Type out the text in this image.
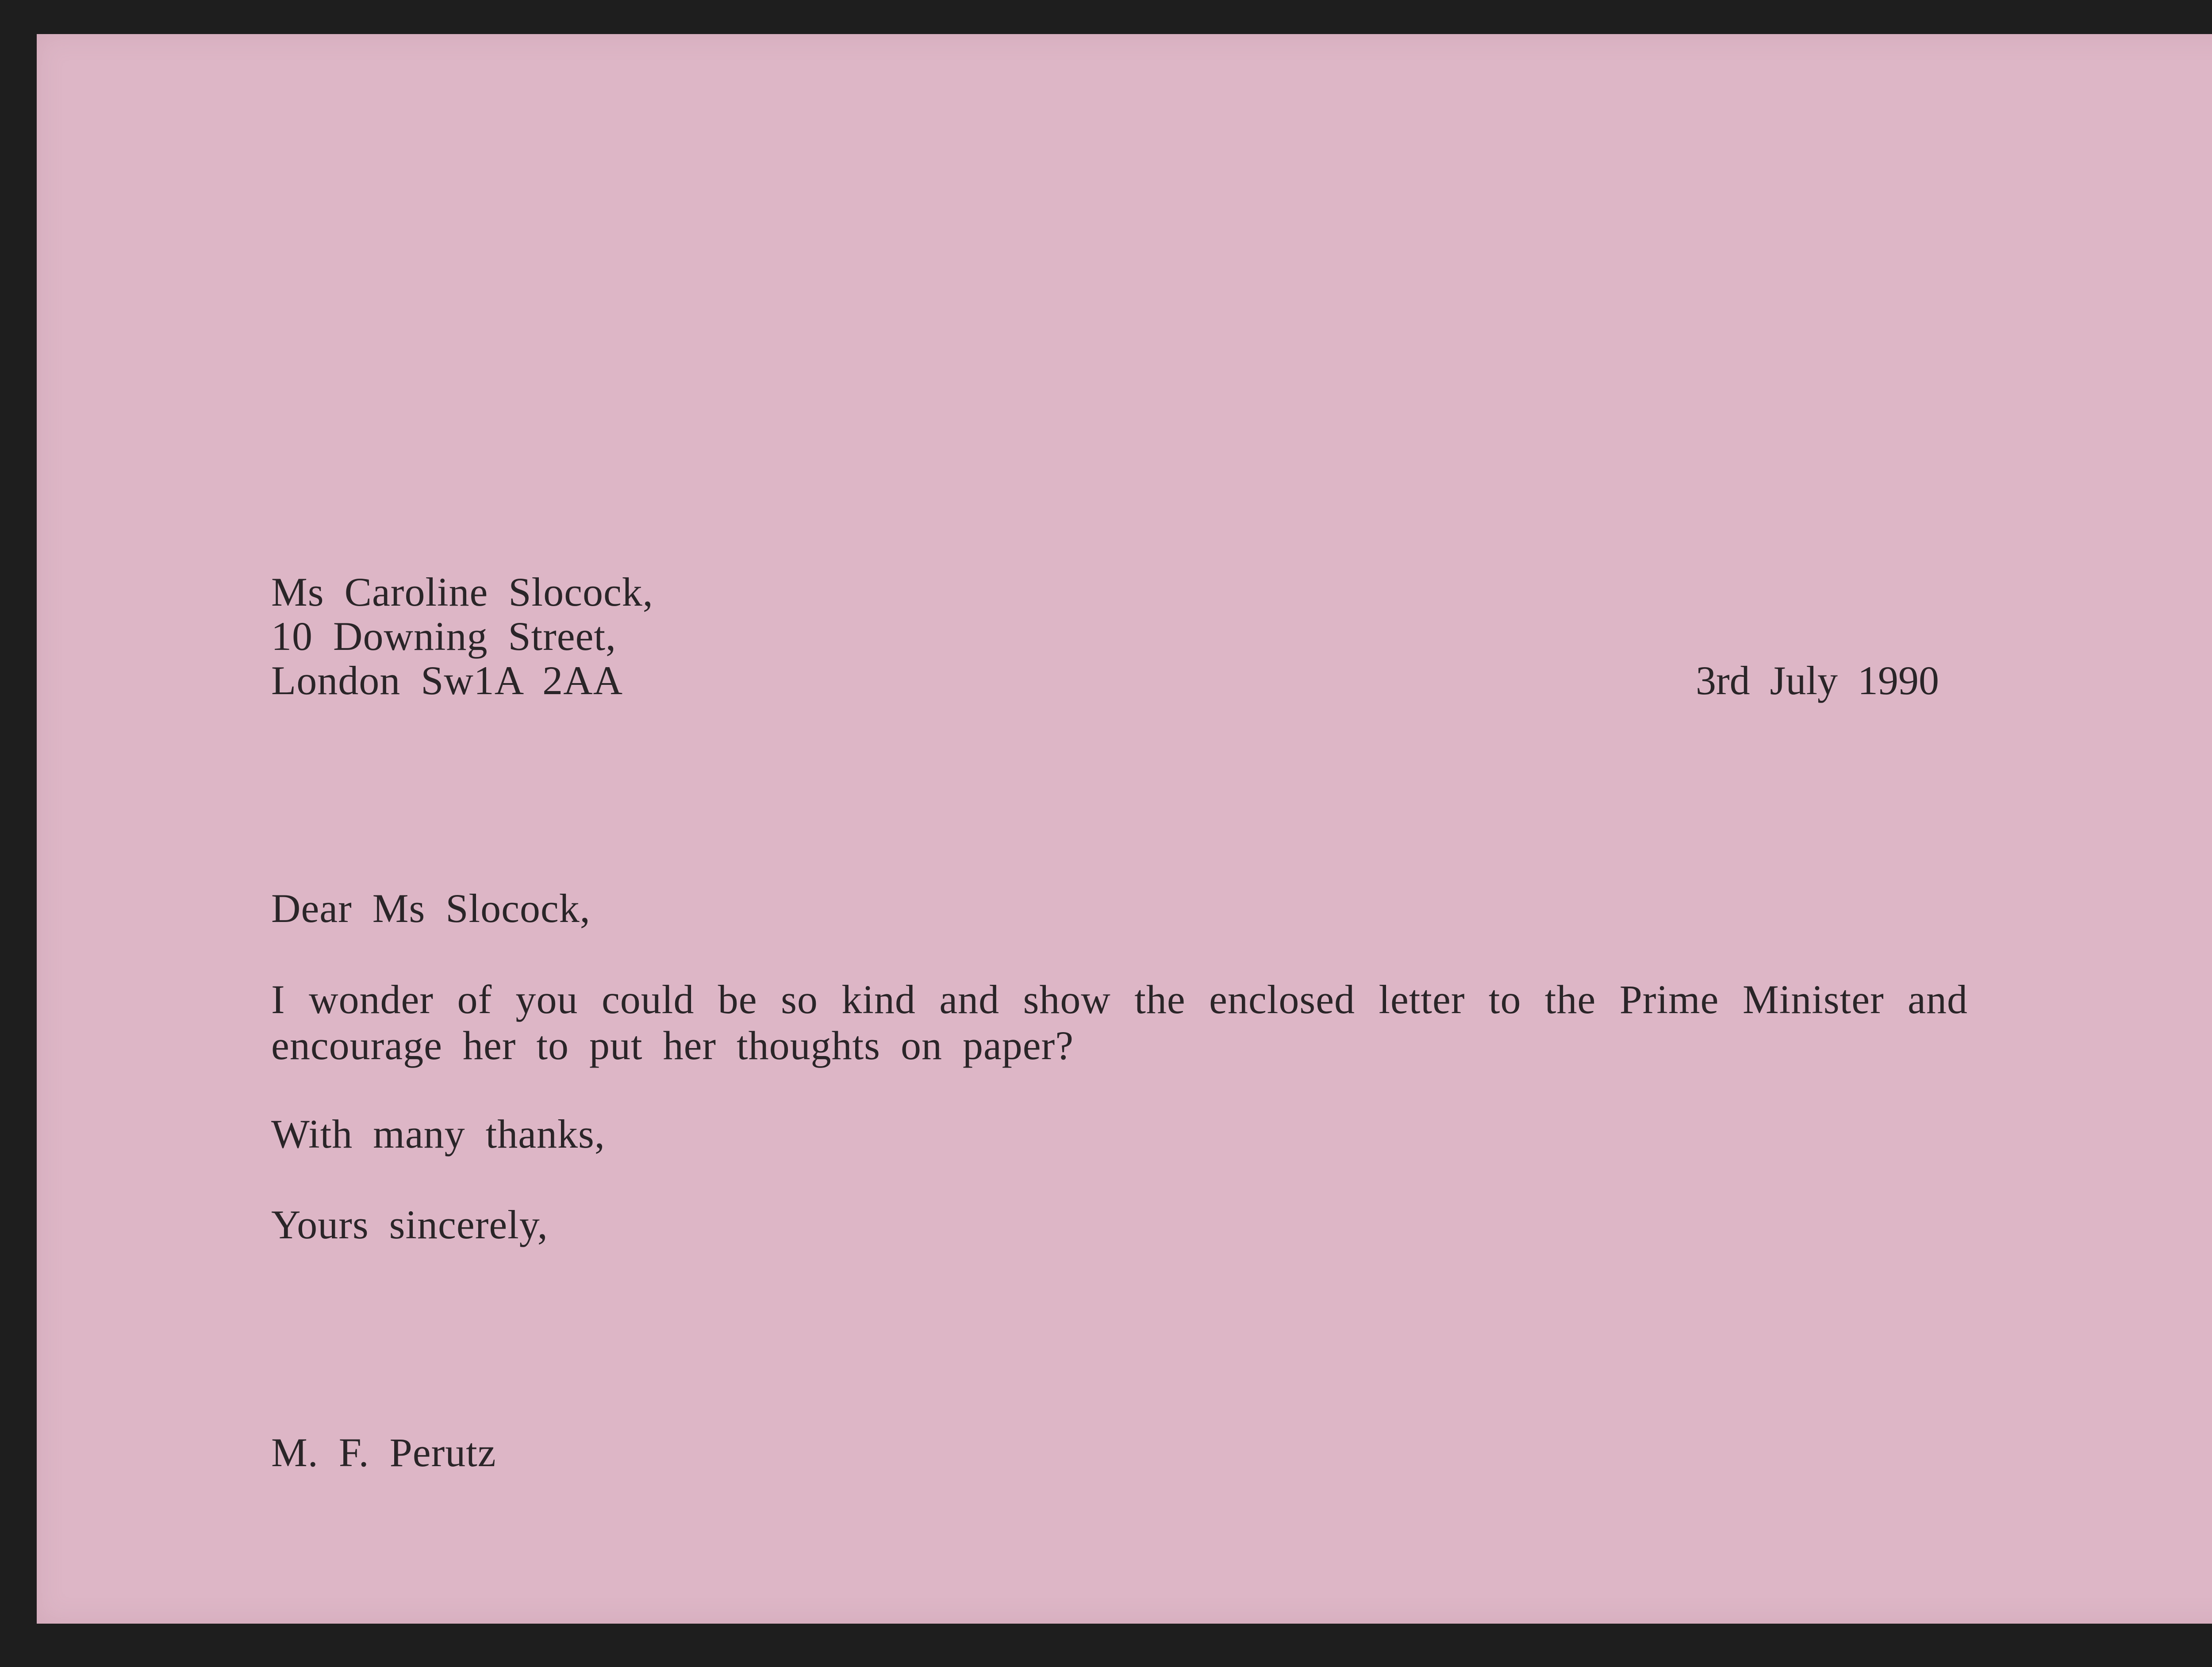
Ms Caroline Slocock,
10 Downing Street,
London Sw1A 2AA	3rd July 1990
Dear Ms Slocock,
I wonder of you could be so kind and show the enclosed letter to the Prime Minister and encourage her to put her thoughts on paper?
With many thanks,
Yours sincerely,
M. F. Perutz
